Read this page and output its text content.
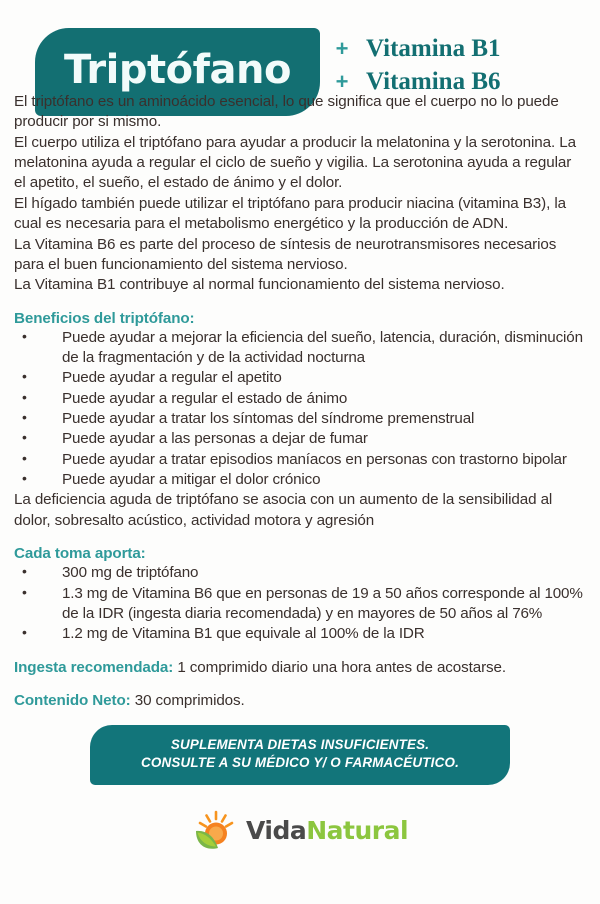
Triptófano + Vitamina B1
+ Vitamina B6

El triptófano es un aminoácido esencial, lo que significa que el cuerpo no lo puede producir por si mismo.

El cuerpo utiliza el triptófano para ayudar a producir la melatonina y la serotonina. La melatonina ayuda a regular el ciclo de sueño y vigilia. La serotonina ayuda a regular el apetito, el sueño, el estado de ánimo y el dolor.

El hígado también puede utilizar el triptófano para producir niacina (vitamina B3), la cual es necesaria para el metabolismo energético y la producción de ADN.

La Vitamina B6 es parte del proceso de síntesis de neurotransmisores necesarios para el buen funcionamiento del sistema nervioso.

La Vitamina B1 contribuye al normal funcionamiento del sistema nervioso.

Beneficios del triptófano:
• Puede ayudar a mejorar la eficiencia del sueño, latencia, duración, disminución de la fragmentación y de la actividad nocturna
• Puede ayudar a regular el apetito
• Puede ayudar a regular el estado de ánimo
• Puede ayudar a tratar los síntomas del síndrome premenstrual
• Puede ayudar a las personas a dejar de fumar
• Puede ayudar a tratar episodios maníacos en personas con trastorno bipolar
• Puede ayudar a mitigar el dolor crónico

La deficiencia aguda de triptófano se asocia con un aumento de la sensibilidad al dolor, sobresalto acústico, actividad motora y agresión

Cada toma aporta:
• 300 mg de triptófano
• 1.3 mg de Vitamina B6 que en personas de 19 a 50 años corresponde al 100% de la IDR (ingesta diaria recomendada) y en mayores de 50 años al 76%
• 1.2 mg de Vitamina B1 que equivale al 100% de la IDR

Ingesta recomendada: 1 comprimido diario una hora antes de acostarse.

Contenido Neto: 30 comprimidos.

SUPLEMENTA DIETAS INSUFICIENTES.
CONSULTE A SU MÉDICO Y/ O FARMACÉUTICO.
VidaNatural
